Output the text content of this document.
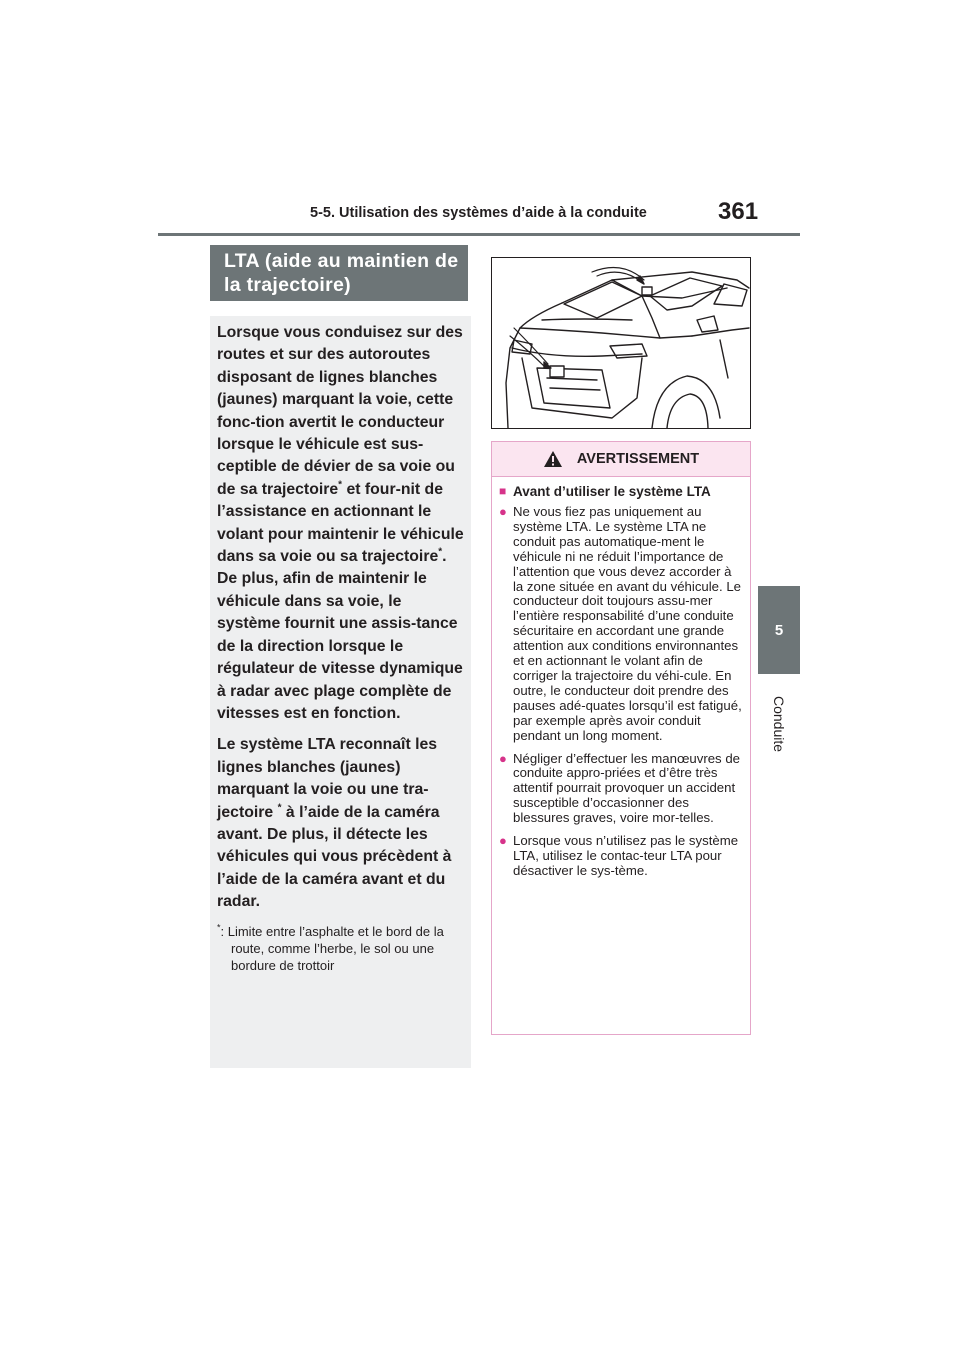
5-5. Utilisation des systèmes d’aide à la conduite	361
5
Conduite
LTA (aide au maintien de la trajectoire)

Lorsque vous conduisez sur des routes et sur des autoroutes disposant de lignes blanches (jaunes) marquant la voie, cette fonc-tion avertit le conducteur lorsque le véhicule est sus-ceptible de dévier de sa voie ou de sa trajectoire* et four-nit de l’assistance en actionnant le volant pour maintenir le véhicule dans sa voie ou sa trajectoire*. De plus, afin de maintenir le véhicule dans sa voie, le système fournit une assis-tance de la direction lorsque le régulateur de vitesse dynamique à radar avec plage complète de vitesses est en fonction.

Le système LTA reconnaît les lignes blanches (jaunes) marquant la voie ou une tra-jectoire * à l’aide de la caméra avant. De plus, il détecte les véhicules qui vous précèdent à l’aide de la caméra avant et du radar.

*: Limite entre l’asphalte et le bord de la route, comme l’herbe, le sol ou une bordure de trottoir
AVERTISSEMENT
■ Avant d’utiliser le système LTA
● Ne vous fiez pas uniquement au système LTA. Le système LTA ne conduit pas automatique-ment le véhicule ni ne réduit l’importance de l’attention que vous devez accorder à la zone située en avant du véhicule. Le conducteur doit toujours assu-mer l’entière responsabilité d’une conduite sécuritaire en accordant une grande attention aux conditions environnantes et en actionnant le volant afin de corriger la trajectoire du véhi-cule. En outre, le conducteur doit prendre des pauses adé-quates lorsqu’il est fatigué, par exemple après avoir conduit pendant un long moment.
● Négliger d’effectuer les manœuvres de conduite appro-priées et d’être très attentif pourrait provoquer un accident susceptible d’occasionner des blessures graves, voire mor-telles.
● Lorsque vous n’utilisez pas le système LTA, utilisez le contac-teur LTA pour désactiver le sys-tème.
